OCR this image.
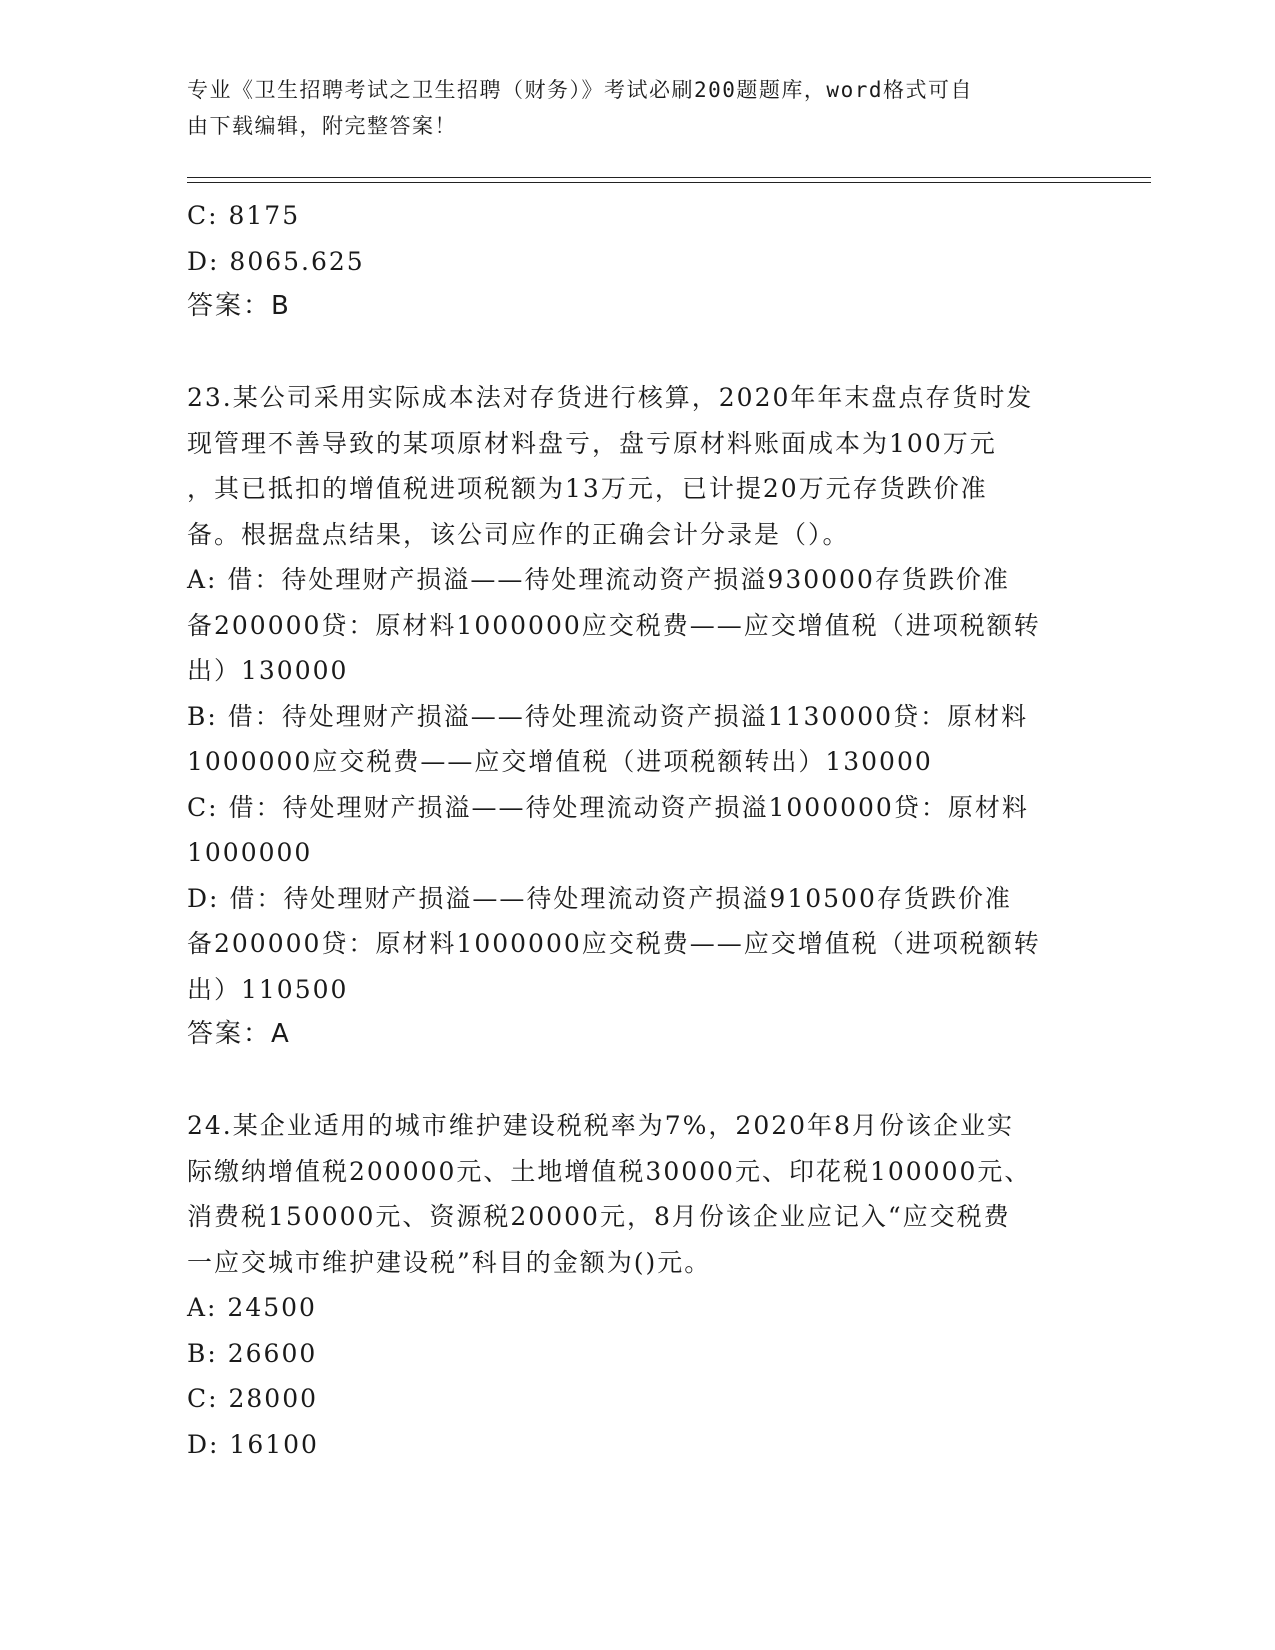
专业《卫生招聘考试之卫生招聘（财务）》考试必刷200题题库，word格式可自
由下载编辑，附完整答案！
C: 8175
D: 8065.625
答案：B
23.某公司采用实际成本法对存货进行核算，2020年年末盘点存货时发
现管理不善导致的某项原材料盘亏，盘亏原材料账面成本为100万元
，其已抵扣的增值税进项税额为13万元，已计提20万元存货跌价准
备。根据盘点结果，该公司应作的正确会计分录是（）。
A: 借：待处理财产损溢——待处理流动资产损溢930000存货跌价准
备200000贷：原材料1000000应交税费——应交增值税（进项税额转
出）130000
B: 借：待处理财产损溢——待处理流动资产损溢1130000贷：原材料
1000000应交税费——应交增值税（进项税额转出）130000
C: 借：待处理财产损溢——待处理流动资产损溢1000000贷：原材料
1000000
D: 借：待处理财产损溢——待处理流动资产损溢910500存货跌价准
备200000贷：原材料1000000应交税费——应交增值税（进项税额转
出）110500
答案：A
24.某企业适用的城市维护建设税税率为7%，2020年8月份该企业实
际缴纳增值税200000元、土地增值税30000元、印花税100000元、
消费税150000元、资源税20000元，8月份该企业应记入“应交税费
一应交城市维护建设税”科目的金额为()元。
A: 24500
B: 26600
C: 28000
D: 16100
